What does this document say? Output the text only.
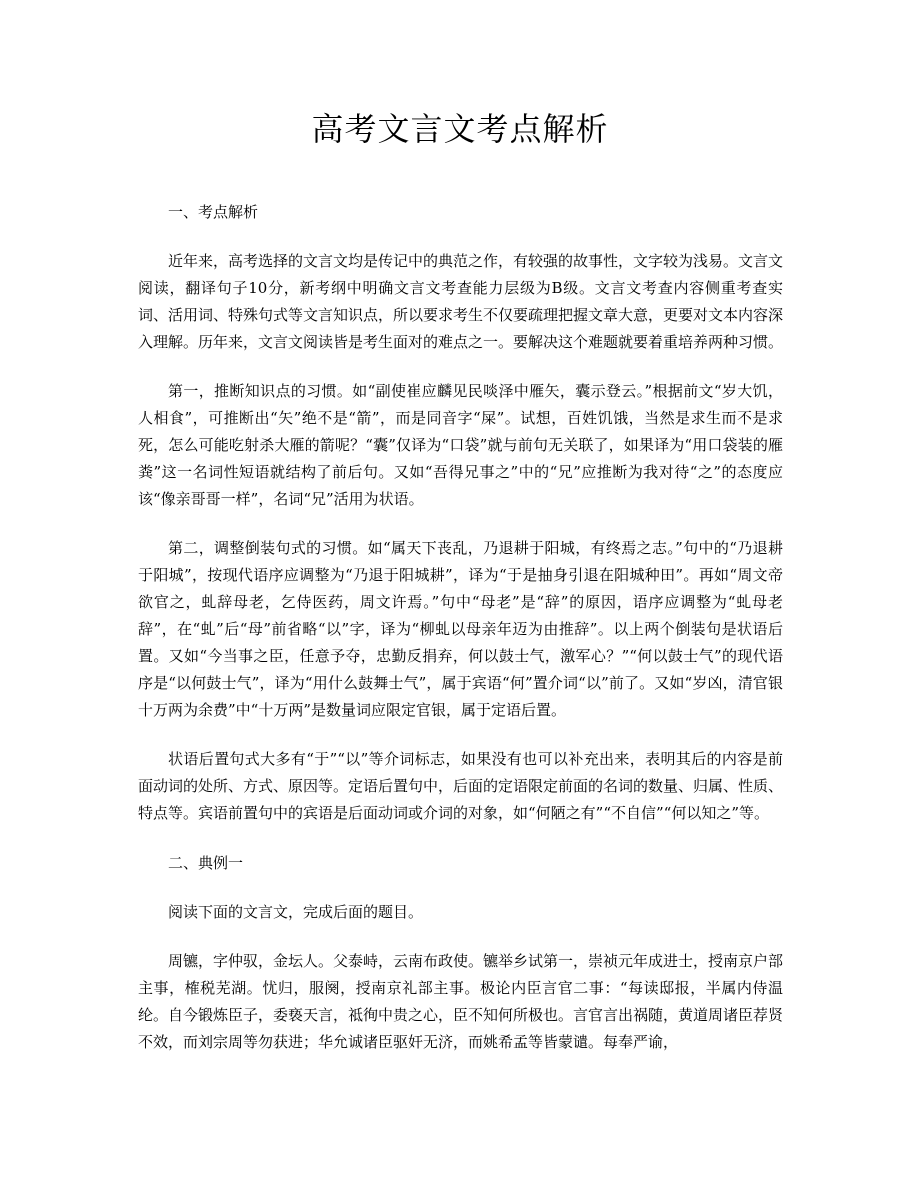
高考文言文考点解析

一、考点解析

近年来，高考选择的文言文均是传记中的典范之作，有较强的故事性，文字较为浅易。文言文阅读，翻译句子10分，新考纲中明确文言文考查能力层级为B级。文言文考查内容侧重考查实词、活用词、特殊句式等文言知识点，所以要求考生不仅要疏理把握文章大意，更要对文本内容深入理解。历年来，文言文阅读皆是考生面对的难点之一。要解决这个难题就要着重培养两种习惯。

第一，推断知识点的习惯。如“副使崔应麟见民啖泽中雁矢，囊示登云。”根据前文“岁大饥，人相食”，可推断出“矢”绝不是“箭”，而是同音字“屎”。试想，百姓饥饿，当然是求生而不是求死，怎么可能吃射杀大雁的箭呢？“囊”仅译为“口袋”就与前句无关联了，如果译为“用口袋装的雁粪”这一名词性短语就结构了前后句。又如“吾得兄事之”中的“兄”应推断为我对待“之”的态度应该“像亲哥哥一样”，名词“兄”活用为状语。

第二，调整倒装句式的习惯。如“属天下丧乱，乃退耕于阳城，有终焉之志。”句中的“乃退耕于阳城”，按现代语序应调整为“乃退于阳城耕”，译为“于是抽身引退在阳城种田”。再如“周文帝欲官之，虬辞母老，乞侍医药，周文许焉。”句中“母老”是“辞”的原因，语序应调整为“虬母老辞”，在“虬”后“母”前省略“以”字，译为“柳虬以母亲年迈为由推辞”。以上两个倒装句是状语后置。又如“今当事之臣，任意予夺，忠勤反捐弃，何以鼓士气，激军心？”“何以鼓士气”的现代语序是“以何鼓士气”，译为“用什么鼓舞士气”，属于宾语“何”置介词“以”前了。又如“岁凶，清官银十万两为余费”中“十万两”是数量词应限定官银，属于定语后置。

状语后置句式大多有“于”“以”等介词标志，如果没有也可以补充出来，表明其后的内容是前面动词的处所、方式、原因等。定语后置句中，后面的定语限定前面的名词的数量、归属、性质、特点等。宾语前置句中的宾语是后面动词或介词的对象，如“何陋之有”“不自信”“何以知之”等。

二、典例一

阅读下面的文言文，完成后面的题目。

周镳，字仲驭，金坛人。父泰峙，云南布政使。镳举乡试第一，崇祯元年成进士，授南京户部主事，榷税芜湖。忧归，服阕，授南京礼部主事。极论内臣言官二事：“每读邸报，半属内侍温纶。自今锻炼臣子，委亵天言，祗徇中贵之心，臣不知何所极也。言官言出祸随，黄道周诸臣荐贤不效，而刘宗周等勿获进；华允诚诸臣驱奸无济，而姚希孟等皆蒙谴。每奉严谕，
